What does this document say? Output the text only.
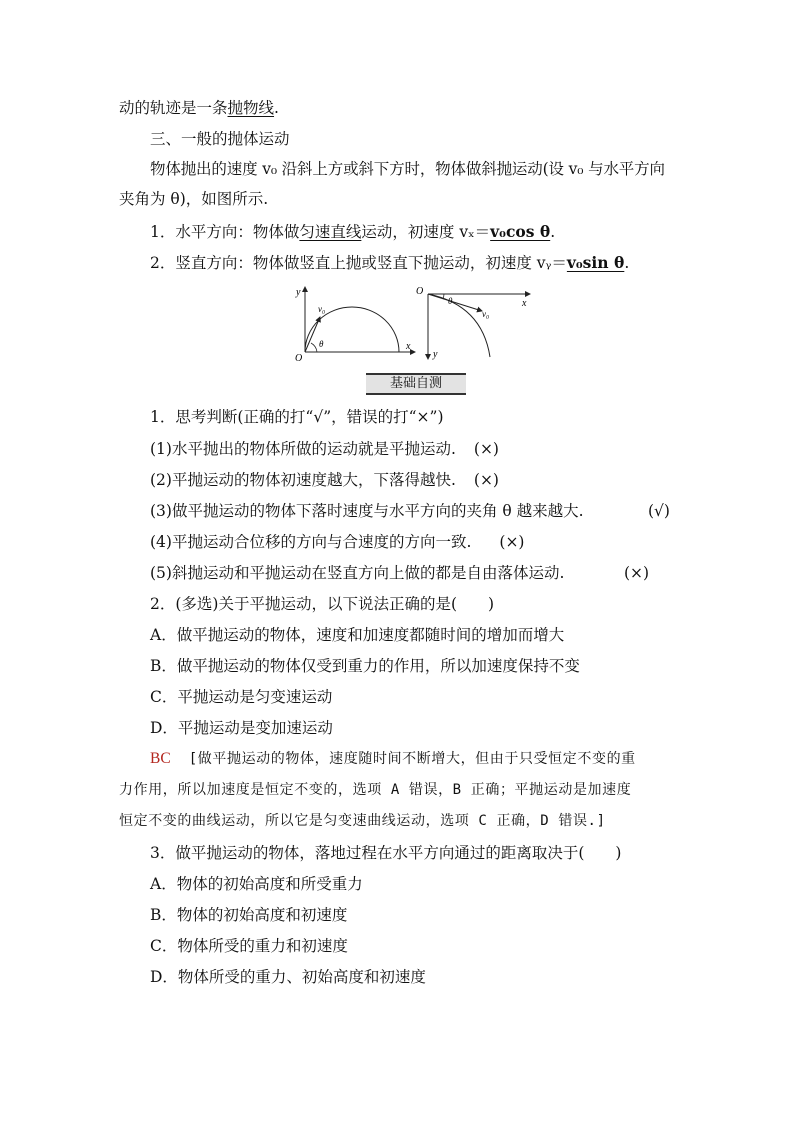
动的轨迹是一条抛物线.
三、一般的抛体运动
物体抛出的速度 v₀ 沿斜上方或斜下方时，物体做斜抛运动(设 v₀ 与水平方向
夹角为 θ)，如图所示.
1．水平方向：物体做匀速直线运动，初速度 vₓ＝v₀cos θ.
2．竖直方向：物体做竖直上抛或竖直下抛运动，初速度 vᵧ＝v₀sin θ.
y
x
O
v₀
θ
O
x
y
θ
v₀
基础自测
1．思考判断(正确的打“√”，错误的打“×”)
(1)水平抛出的物体所做的运动就是平抛运动. (×)
(2)平抛运动的物体初速度越大，下落得越快. (×)
(3)做平抛运动的物体下落时速度与水平方向的夹角 θ 越来越大.	(√)
(4)平抛运动合位移的方向与合速度的方向一致. (×)
(5)斜抛运动和平抛运动在竖直方向上做的都是自由落体运动.	(×)
2．(多选)关于平抛运动，以下说法正确的是(　　)
A．做平抛运动的物体，速度和加速度都随时间的增加而增大
B．做平抛运动的物体仅受到重力的作用，所以加速度保持不变
C．平抛运动是匀变速运动
D．平抛运动是变加速运动
BC [做平抛运动的物体，速度随时间不断增大，但由于只受恒定不变的重
力作用，所以加速度是恒定不变的，选项 A 错误，B 正确；平抛运动是加速度
恒定不变的曲线运动，所以它是匀变速曲线运动，选项 C 正确，D 错误.]
3．做平抛运动的物体，落地过程在水平方向通过的距离取决于(　　)
A．物体的初始高度和所受重力
B．物体的初始高度和初速度
C．物体所受的重力和初速度
D．物体所受的重力、初始高度和初速度
